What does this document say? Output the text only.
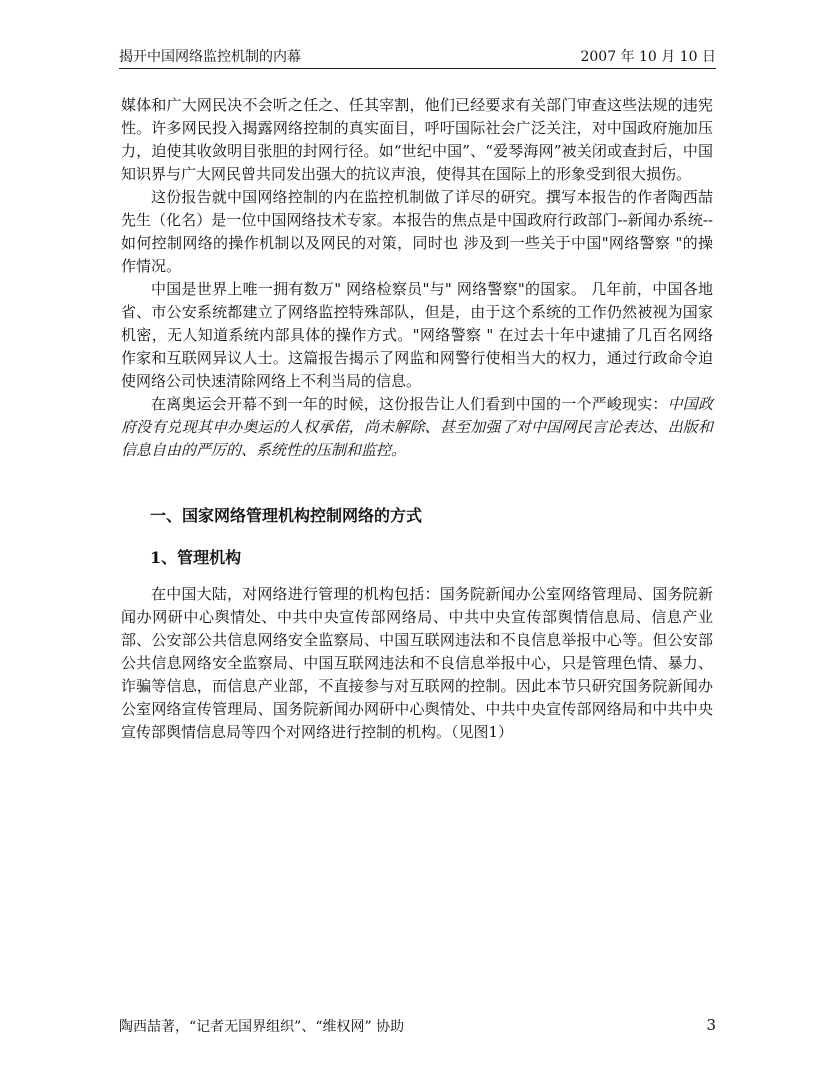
揭开中国网络监控机制的内幕	2007 年 10 月 10 日

媒体和广大网民决不会听之任之、任其宰割，他们已经要求有关部门审查这些法规的违宪性。许多网民投入揭露网络控制的真实面目，呼吁国际社会广泛关注，对中国政府施加压力，迫使其收敛明目张胆的封网行径。如“世纪中国”、“爱琴海网”被关闭或查封后，中国知识界与广大网民曾共同发出强大的抗议声浪，使得其在国际上的形象受到很大损伤。

这份报告就中国网络控制的内在监控机制做了详尽的研究。撰写本报告的作者陶西喆先生（化名）是一位中国网络技术专家。本报告的焦点是中国政府行政部门--新闻办系统--如何控制网络的操作机制以及网民的对策，同时也 涉及到一些关于中国"网络警察 "的操作情况。

中国是世界上唯一拥有数万" 网络检察员"与" 网络警察"的国家。 几年前，中国各地省、市公安系统都建立了网络监控特殊部队，但是，由于这个系统的工作仍然被视为国家机密，无人知道系统内部具体的操作方式。"网络警察 " 在过去十年中逮捕了几百名网络作家和互联网异议人士。这篇报告揭示了网监和网警行使相当大的权力，通过行政命令迫使网络公司快速清除网络上不利当局的信息。

在离奥运会开幕不到一年的时候，这份报告让人们看到中国的一个严峻现实：中国政府没有兑现其申办奥运的人权承偌，尚未解除、甚至加强了对中国网民言论表达、出版和信息自由的严厉的、系统性的压制和监控。

一、国家网络管理机构控制网络的方式
1、管理机构

在中国大陆，对网络进行管理的机构包括：国务院新闻办公室网络管理局、国务院新闻办网研中心舆情处、中共中央宣传部网络局、中共中央宣传部舆情信息局、信息产业部、公安部公共信息网络安全监察局、中国互联网违法和不良信息举报中心等。但公安部公共信息网络安全监察局、中国互联网违法和不良信息举报中心，只是管理色情、暴力、诈骗等信息，而信息产业部，不直接参与对互联网的控制。因此本节只研究国务院新闻办公室网络宣传管理局、国务院新闻办网研中心舆情处、中共中央宣传部网络局和中共中央宣传部舆情信息局等四个对网络进行控制的机构。（见图1）

陶西喆著，“记者无国界组织”、“维权网” 协助	3
